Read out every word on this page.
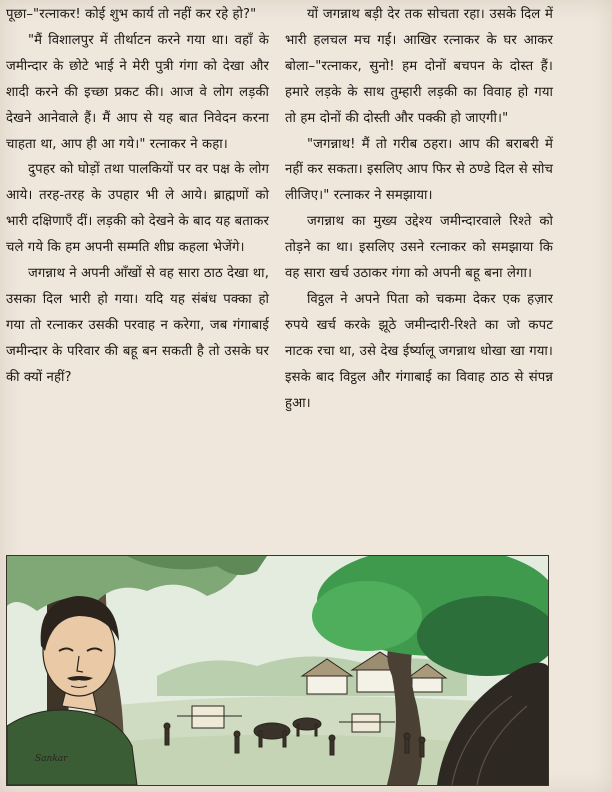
पूछा–"रत्नाकर! कोई शुभ कार्य तो नहीं कर रहे हो?"

"मैं विशालपुर में तीर्थाटन करने गया था। वहाँ के जमीन्दार के छोटे भाई ने मेरी पुत्री गंगा को देखा और शादी करने की इच्छा प्रकट की। आज वे लोग लड़की देखने आनेवाले हैं। मैं आप से यह बात निवेदन करना चाहता था, आप ही आ गये।" रत्नाकर ने कहा।

दुपहर को घोड़ों तथा पालकियों पर वर पक्ष के लोग आये। तरह-तरह के उपहार भी ले आये। ब्राह्मणों को भारी दक्षिणाएँ दीं। लड़की को देखने के बाद यह बताकर चले गये कि हम अपनी सम्मति शीघ्र कहला भेजेंगे।

जगन्नाथ ने अपनी आँखों से वह सारा ठाठ देखा था, उसका दिल भारी हो गया। यदि यह संबंध पक्का हो गया तो रत्नाकर उसकी परवाह न करेगा, जब गंगाबाई जमीन्दार के परिवार की बहू बन सकती है तो उसके घर की क्यों नहीं?

यों जगन्नाथ बड़ी देर तक सोचता रहा। उसके दिल में भारी हलचल मच गई। आखिर रत्नाकर के घर आकर बोला–"रत्नाकर, सुनो! हम दोनों बचपन के दोस्त हैं। हमारे लड़के के साथ तुम्हारी लड़की का विवाह हो गया तो हम दोनों की दोस्ती और पक्की हो जाएगी।"

"जगन्नाथ! मैं तो गरीब ठहरा। आप की बराबरी में नहीं कर सकता। इसलिए आप फिर से ठण्डे दिल से सोच लीजिए।" रत्नाकर ने समझाया।

जगन्नाथ का मुख्य उद्देश्य जमीन्दारवाले रिश्ते को तोड़ने का था। इसलिए उसने रत्नाकर को समझाया कि वह सारा खर्च उठाकर गंगा को अपनी बहू बना लेगा।

विट्ठल ने अपने पिता को चकमा देकर एक हज़ार रुपये खर्च करके झूठे जमीन्दारी-रिश्ते का जो कपट नाटक रचा था, उसे देख ईर्ष्यालू जगन्नाथ धोखा खा गया। इसके बाद विट्ठल और गंगाबाई का विवाह ठाठ से संपन्न हुआ।

Sankar
